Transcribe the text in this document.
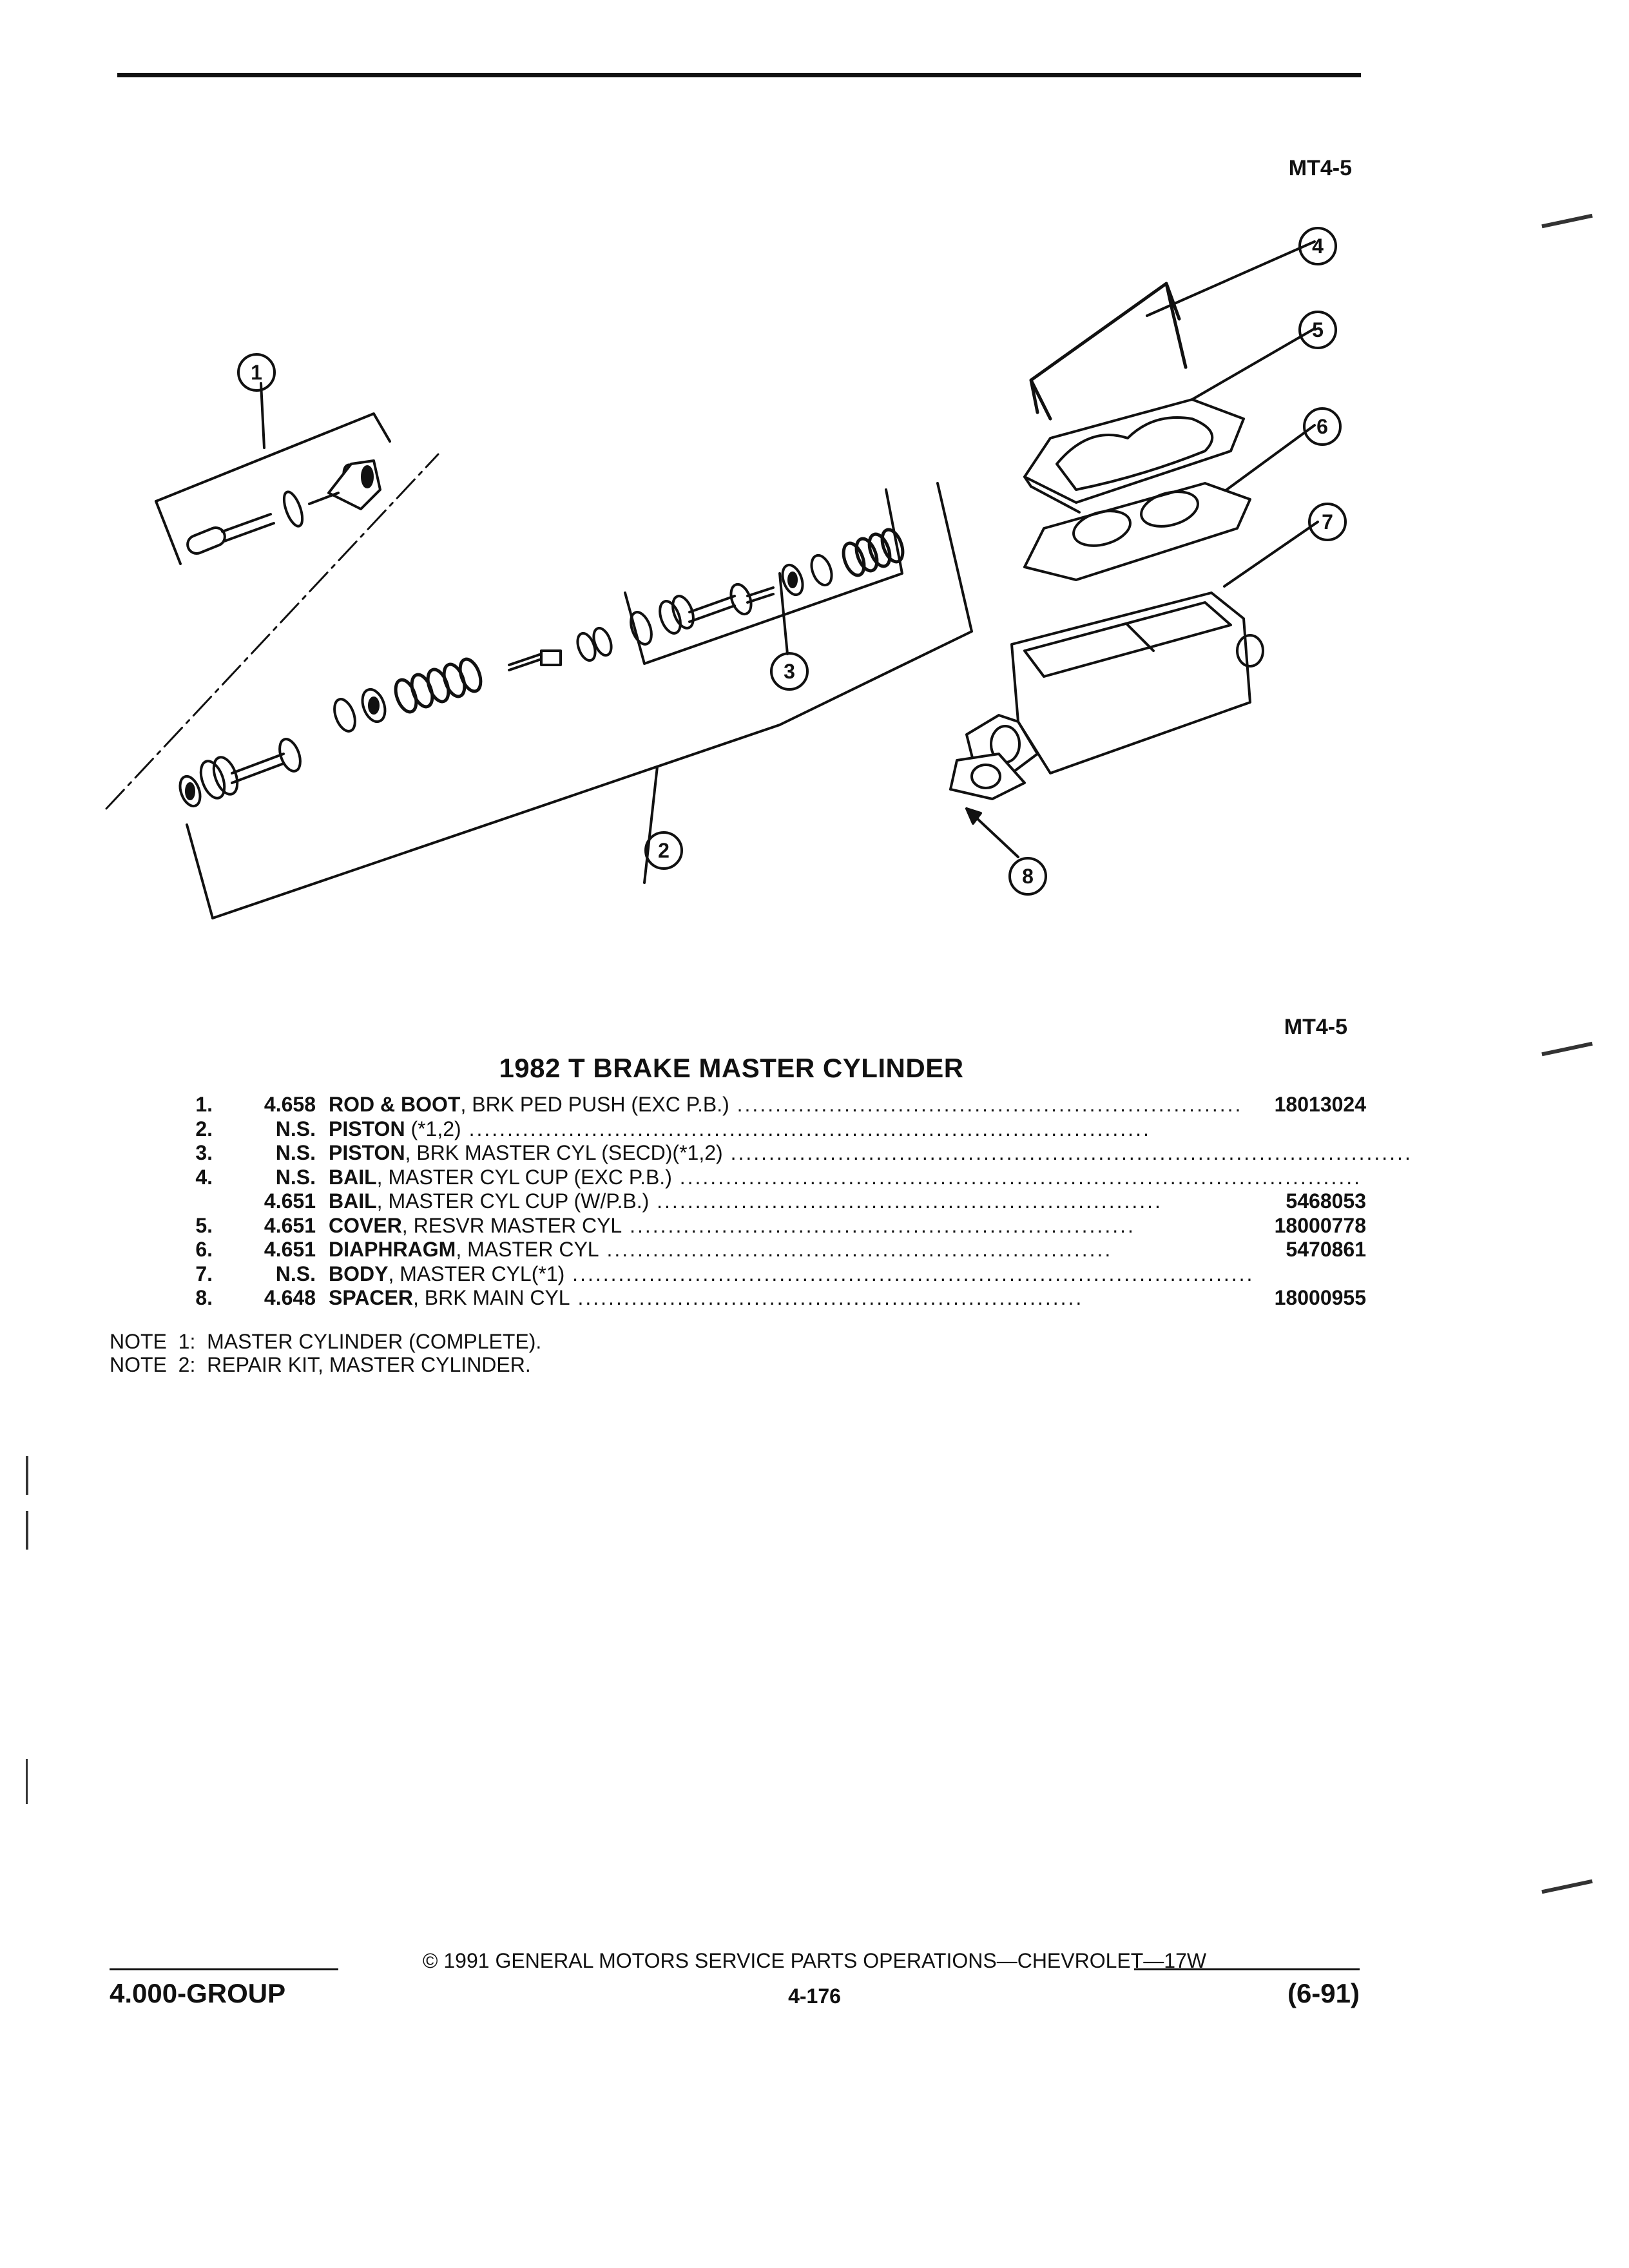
MT4-5
1
2
3
4
5
6
7
8
MT4-5
1982 T BRAKE MASTER CYLINDER
1.	4.658 ROD & BOOT, BRK PED PUSH (EXC P.B.) ..................................................................	18013024
2.	N.S. PISTON (*1,2) .........................................................................................
3.	N.S. PISTON, BRK MASTER CYL (SECD)(*1,2) .........................................................................................
4.	N.S. BAIL, MASTER CYL CUP (EXC P.B.) .........................................................................................
4.651 BAIL, MASTER CYL CUP (W/P.B.) ..................................................................	5468053
5.	4.651 COVER, RESVR MASTER CYL ..................................................................	18000778
6.	4.651 DIAPHRAGM, MASTER CYL ..................................................................	5470861
7.	N.S. BODY, MASTER CYL(*1) .........................................................................................
8.	4.648 SPACER, BRK MAIN CYL ..................................................................	18000955
NOTE  1:  MASTER CYLINDER (COMPLETE).
NOTE  2:  REPAIR KIT, MASTER CYLINDER.
© 1991 GENERAL MOTORS SERVICE PARTS OPERATIONS—CHEVROLET—17W
4.000-GROUP	4-176	(6-91)
